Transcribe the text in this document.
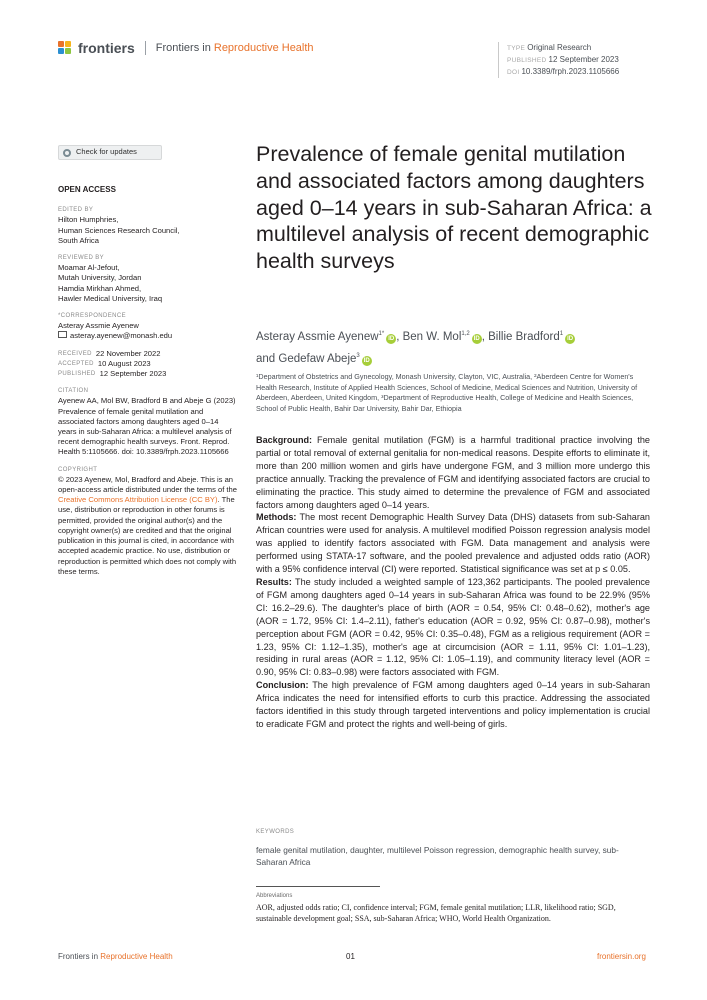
frontiers Frontiers in Reproductive Health	TYPE Original Research
PUBLISHED 12 September 2023
DOI 10.3389/frph.2023.1105666
Check for updates
OPEN ACCESS
EDITED BY
Hilton Humphries,
Human Sciences Research Council,
South Africa
REVIEWED BY
Moamar Al-Jefout,
Mutah University, Jordan
Hamdia Mirkhan Ahmed,
Hawler Medical University, Iraq
*CORRESPONDENCE
Asteray Assmie Ayenew
asteray.ayenew@monash.edu
RECEIVED 22 November 2022
ACCEPTED 10 August 2023
PUBLISHED 12 September 2023
CITATION
Ayenew AA, Mol BW, Bradford B and Abeje G (2023) Prevalence of female genital mutilation and associated factors among daughters aged 0–14 years in sub-Saharan Africa: a multilevel analysis of recent demographic health surveys. Front. Reprod. Health 5:1105666. doi: 10.3389/frph.2023.1105666
COPYRIGHT
© 2023 Ayenew, Mol, Bradford and Abeje. This is an open-access article distributed under the terms of the Creative Commons Attribution License (CC BY). The use, distribution or reproduction in other forums is permitted, provided the original author(s) and the copyright owner(s) are credited and that the original publication in this journal is cited, in accordance with accepted academic practice. No use, distribution or reproduction is permitted which does not comply with these terms.
Prevalence of female genital mutilation and associated factors among daughters aged 0–14 years in sub-Saharan Africa: a multilevel analysis of recent demographic health surveys
Asteray Assmie Ayenew$^{1*}$ID , Ben W. Mol$^{1,2}$ID , Billie Bradford$^1$ID
and Gedefaw Abeje$^3$ID
¹Department of Obstetrics and Gynecology, Monash University, Clayton, VIC, Australia, ²Aberdeen Centre for Women's Health Research, Institute of Applied Health Sciences, School of Medicine, Medical Sciences and Nutrition, University of Aberdeen, Aberdeen, United Kingdom, ³Department of Reproductive Health, College of Medicine and Health Sciences, School of Public Health, Bahir Dar University, Bahir Dar, Ethiopia

Background: Female genital mutilation (FGM) is a harmful traditional practice involving the partial or total removal of external genitalia for non-medical reasons. Despite efforts to eliminate it, more than 200 million women and girls have undergone FGM, and 3 million more undergo this practice annually. Tracking the prevalence of FGM and identifying associated factors are crucial to eliminating the practice. This study aimed to determine the prevalence of FGM and associated factors among daughters aged 0–14 years.

Methods: The most recent Demographic Health Survey Data (DHS) datasets from sub-Saharan African countries were used for analysis. A multilevel modified Poisson regression analysis model was applied to identify factors associated with FGM. Data management and analysis were performed using STATA-17 software, and the pooled prevalence and adjusted odds ratio (AOR) with a 95% confidence interval (CI) were reported. Statistical significance was set at p ≤ 0.05.

Results: The study included a weighted sample of 123,362 participants. The pooled prevalence of FGM among daughters aged 0–14 years in sub-Saharan Africa was found to be 22.9% (95% CI: 16.2–29.6). The daughter's place of birth (AOR = 0.54, 95% CI: 0.48–0.62), mother's age (AOR = 1.72, 95% CI: 1.4–2.11), father's education (AOR = 0.92, 95% CI: 0.87–0.98), mother's perception about FGM (AOR = 0.42, 95% CI: 0.35–0.48), FGM as a religious requirement (AOR = 1.23, 95% CI: 1.12–1.35), mother's age at circumcision (AOR = 1.11, 95% CI: 1.01–1.23), residing in rural areas (AOR = 1.12, 95% CI: 1.05–1.19), and community literacy level (AOR = 0.90, 95% CI: 0.83–0.98) were factors associated with FGM.

Conclusion: The high prevalence of FGM among daughters aged 0–14 years in sub-Saharan Africa indicates the need for intensified efforts to curb this practice. Addressing the associated factors identified in this study through targeted interventions and policy implementation is crucial to eradicate FGM and protect the rights and well-being of girls.

KEYWORDS
female genital mutilation, daughter, multilevel Poisson regression, demographic health survey, sub-Saharan Africa
Abbreviations
AOR, adjusted odds ratio; CI, confidence interval; FGM, female genital mutilation; LLR, likelihood ratio; SGD, sustainable development goal; SSA, sub-Saharan Africa; WHO, World Health Organization.
Frontiers in Reproductive Health	01	frontiersin.org
